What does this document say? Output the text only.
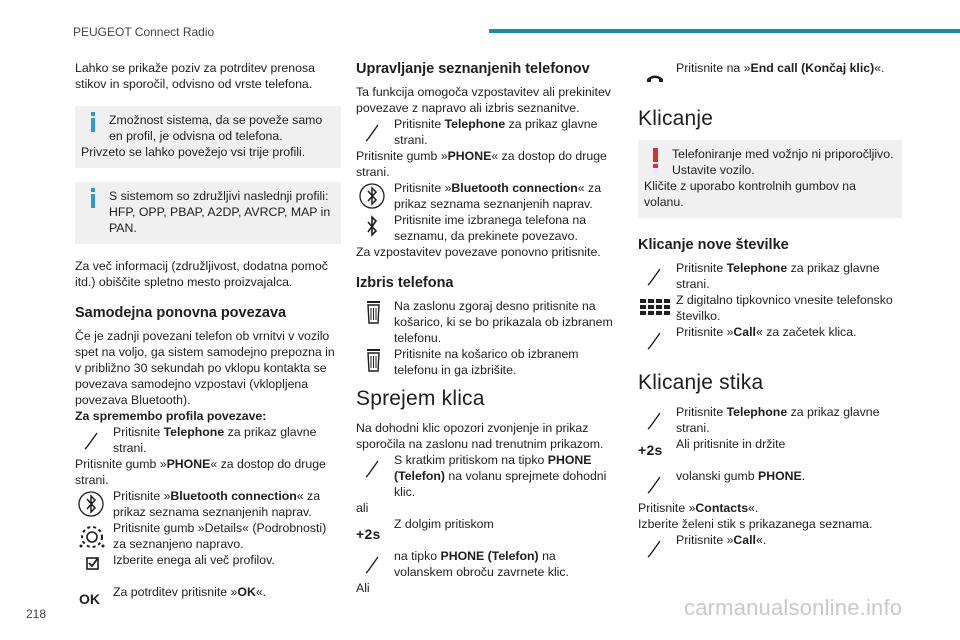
PEUGEOT Connect Radio

Lahko se prikaže poziv za potrditev prenosa stikov in sporočil, odvisno od vrste telefona.

Zmožnost sistema, da se poveže samo en profil, je odvisna od telefona.
Privzeto se lahko povežejo vsi trije profili.
S sistemom so združljivi naslednji profili: HFP, OPP, PBAP, A2DP, AVRCP, MAP in PAN.

Za več informacij (združljivost, dodatna pomoč itd.) obiščite spletno mesto proizvajalca.

Samodejna ponovna povezava

Če je zadnji povezani telefon ob vrnitvi v vozilo spet na voljo, ga sistem samodejno prepozna in v približno 30 sekundah po vklopu kontakta se povezava samodejno vzpostavi (vklopljena povezava Bluetooth).

Za spremembo profila povezave:

Pritisnite Telephone za prikaz glavne strani.

Pritisnite gumb »PHONE« za dostop do druge strani.

Pritisnite »Bluetooth connection« za prikaz seznama seznanjenih naprav.
Pritisnite gumb »Details« (Podrobnosti) za seznanjeno napravo.
Izberite enega ali več profilov.
OK	Za potrditev pritisnite »OK«.
Upravljanje seznanjenih telefonov

Ta funkcija omogoča vzpostavitev ali prekinitev povezave z napravo ali izbris seznanitve.

Pritisnite Telephone za prikaz glavne strani.

Pritisnite gumb »PHONE« za dostop do druge strani.

Pritisnite »Bluetooth connection« za prikaz seznama seznanjenih naprav.
Pritisnite ime izbranega telefona na seznamu, da prekinete povezavo.

Za vzpostavitev povezave ponovno pritisnite.

Izbris telefona
Na zaslonu zgoraj desno pritisnite na košarico, ki se bo prikazala ob izbranem telefonu.
Pritisnite na košarico ob izbranem telefonu in ga izbrišite.
Sprejem klica

Na dohodni klic opozori zvonjenje in prikaz sporočila na zaslonu nad trenutnim prikazom.

S kratkim pritiskom na tipko PHONE (Telefon) na volanu sprejmete dohodni klic.

ali

+2s
Z dolgim pritiskom
na tipko PHONE (Telefon) na volanskem obroču zavrnete klic.

Ali

Pritisnite na »End call (Končaj klic)«.
Klicanje
Telefoniranje med vožnjo ni priporočljivo. Ustavite vozilo.
Kličite z uporabo kontrolnih gumbov na volanu.
Klicanje nove številke
Pritisnite Telephone za prikaz glavne strani.
Z digitalno tipkovnico vnesite telefonsko številko.
Pritisnite »Call« za začetek klica.
Klicanje stika
Pritisnite Telephone za prikaz glavne strani.
+2s	Ali pritisnite in držite
volanski gumb PHONE.

Pritisnite »Contacts«.

Izberite želeni stik s prikazanega seznama.

Pritisnite »Call«.
218	carmanualsonline.info
